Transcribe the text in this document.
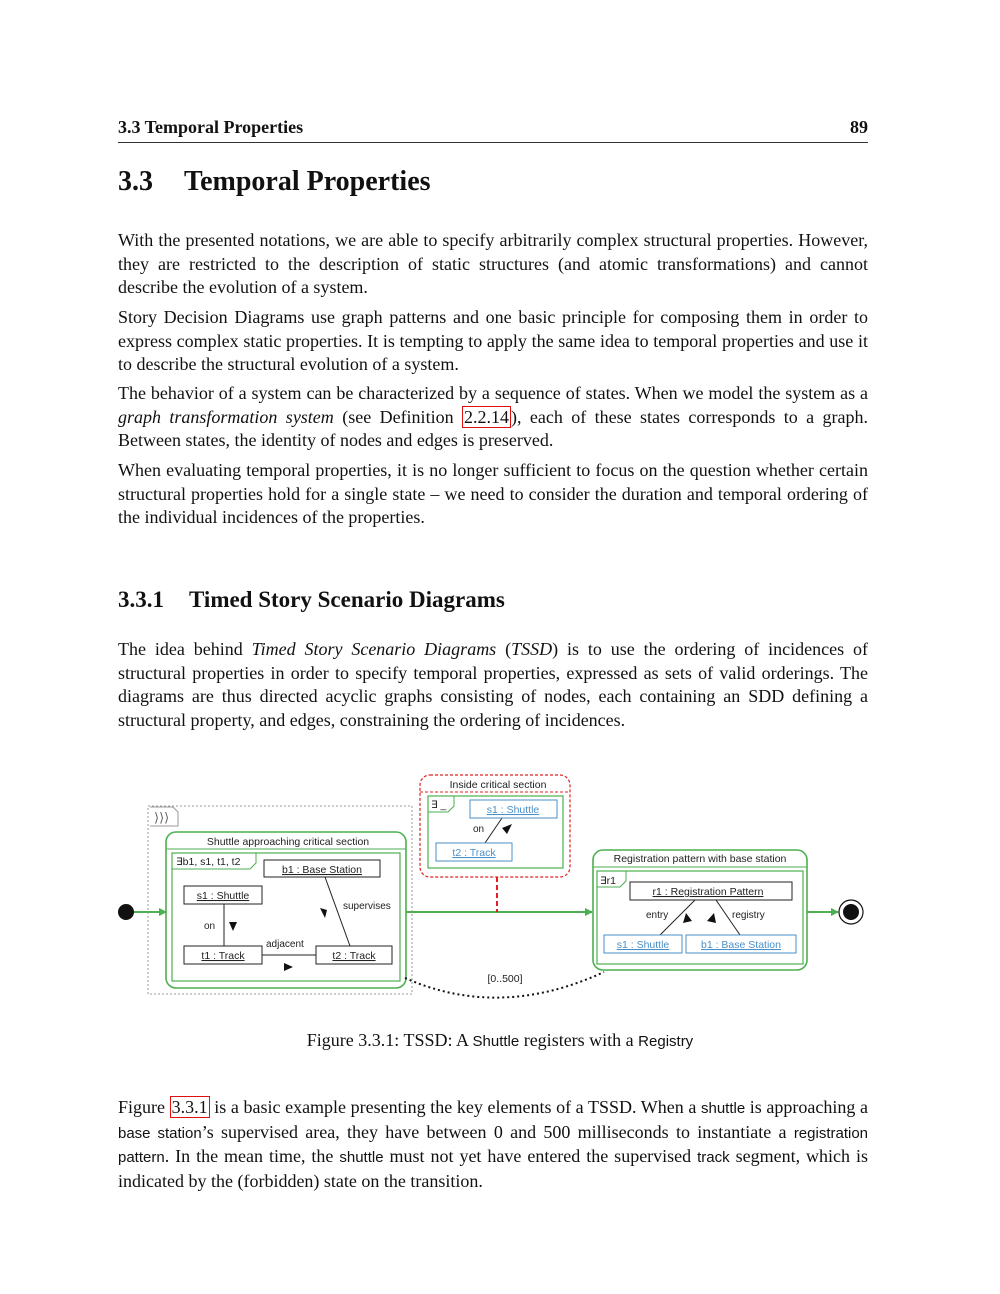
3.3 Temporal Properties	89
3.3 Temporal Properties

With the presented notations, we are able to specify arbitrarily complex structural properties. However, they are restricted to the description of static structures (and atomic transformations) and cannot describe the evolution of a system.

Story Decision Diagrams use graph patterns and one basic principle for composing them in order to express complex static properties. It is tempting to apply the same idea to temporal properties and use it to describe the structural evolution of a system.

The behavior of a system can be characterized by a sequence of states. When we model the system as a graph transformation system (see Definition 2.2.14 ), each of these states corresponds to a graph. Between states, the identity of nodes and edges is preserved.

When evaluating temporal properties, it is no longer sufficient to focus on the question whether certain structural properties hold for a single state – we need to consider the duration and temporal ordering of the individual incidences of the properties.

3.3.1 Timed Story Scenario Diagrams

The idea behind Timed Story Scenario Diagrams (TSSD) is to use the ordering of incidences of structural properties in order to specify temporal properties, expressed as sets of valid orderings. The diagrams are thus directed acyclic graphs consisting of nodes, each containing an SDD defining a structural property, and edges, constraining the ordering of incidences.

⟩⟩⟩
Shuttle approaching critical section
∃b1, s1, t1, t2
b1 : Base Station
s1 : Shuttle
t1 : Track	t2 : Track
on
adjacent
supervises
Inside critical section
∃ _	s1 : Shuttle
t2 : Track
on
Registration pattern with base station
∃r1
r1 : Registration Pattern
s1 : Shuttle	b1 : Base Station
entry	registry
[0..500]

Figure 3.3.1: TSSD: A Shuttle registers with a Registry

Figure 3.3.1 is a basic example presenting the key elements of a TSSD. When a shuttle is approaching a base station’s supervised area, they have between 0 and 500 milliseconds to instantiate a registration pattern. In the mean time, the shuttle must not yet have entered the supervised track segment, which is indicated by the (forbidden) state on the transition.
